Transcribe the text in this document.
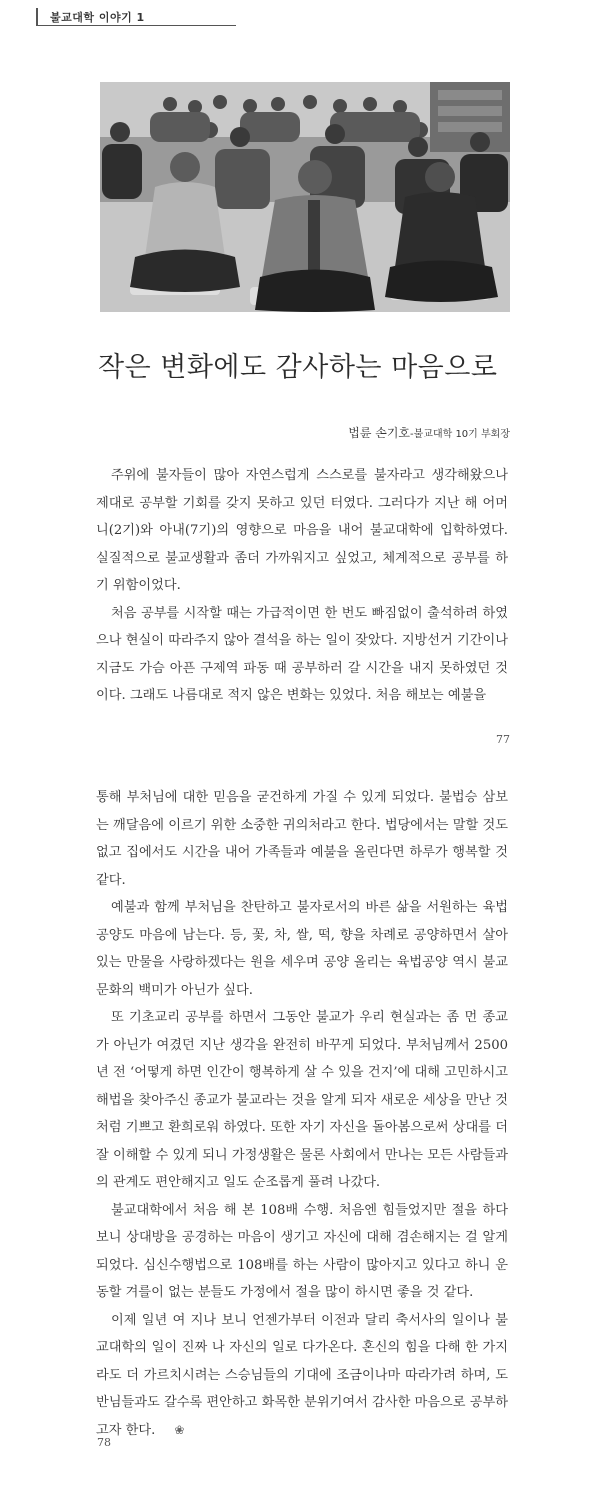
불교대학 이야기 1
작은 변화에도 감사하는 마음으로
법륜 손기호-불교대학 10기 부회장

주위에 불자들이 많아 자연스럽게 스스로를 불자라고 생각해왔으나 제대로 공부할 기회를 갖지 못하고 있던 터였다. 그러다가 지난 해 어머니(2기)와 아내(7기)의 영향으로 마음을 내어 불교대학에 입학하였다. 실질적으로 불교생활과 좀더 가까워지고 싶었고, 체계적으로 공부를 하기 위함이었다.

처음 공부를 시작할 때는 가급적이면 한 번도 빠짐없이 출석하려 하였으나 현실이 따라주지 않아 결석을 하는 일이 잦았다. 지방선거 기간이나 지금도 가슴 아픈 구제역 파동 때 공부하러 갈 시간을 내지 못하였던 것이다. 그래도 나름대로 적지 않은 변화는 있었다. 처음 해보는 예불을

77

통해 부처님에 대한 믿음을 굳건하게 가질 수 있게 되었다. 불법승 삼보는 깨달음에 이르기 위한 소중한 귀의처라고 한다. 법당에서는 말할 것도 없고 집에서도 시간을 내어 가족들과 예불을 올린다면 하루가 행복할 것 같다.

예불과 함께 부처님을 찬탄하고 불자로서의 바른 삶을 서원하는 육법공양도 마음에 남는다. 등, 꽃, 차, 쌀, 떡, 향을 차례로 공양하면서 살아있는 만물을 사랑하겠다는 원을 세우며 공양 올리는 육법공양 역시 불교문화의 백미가 아닌가 싶다.

또 기초교리 공부를 하면서 그동안 불교가 우리 현실과는 좀 먼 종교가 아닌가 여겼던 지난 생각을 완전히 바꾸게 되었다. 부처님께서 2500년 전 ‘어떻게 하면 인간이 행복하게 살 수 있을 건지’에 대해 고민하시고 해법을 찾아주신 종교가 불교라는 것을 알게 되자 새로운 세상을 만난 것처럼 기쁘고 환희로워 하였다. 또한 자기 자신을 돌아봄으로써 상대를 더 잘 이해할 수 있게 되니 가정생활은 물론 사회에서 만나는 모든 사람들과의 관계도 편안해지고 일도 순조롭게 풀려 나갔다.

불교대학에서 처음 해 본 108배 수행. 처음엔 힘들었지만 절을 하다보니 상대방을 공경하는 마음이 생기고 자신에 대해 겸손해지는 걸 알게 되었다. 심신수행법으로 108배를 하는 사람이 많아지고 있다고 하니 운동할 겨를이 없는 분들도 가정에서 절을 많이 하시면 좋을 것 같다.

이제 일년 여 지나 보니 언젠가부터 이전과 달리 축서사의 일이나 불교대학의 일이 진짜 나 자신의 일로 다가온다. 혼신의 힘을 다해 한 가지라도 더 가르치시려는 스승님들의 기대에 조금이나마 따라가려 하며, 도반님들과도 갈수록 편안하고 화목한 분위기여서 감사한 마음으로 공부하고자 한다. ❀

78
